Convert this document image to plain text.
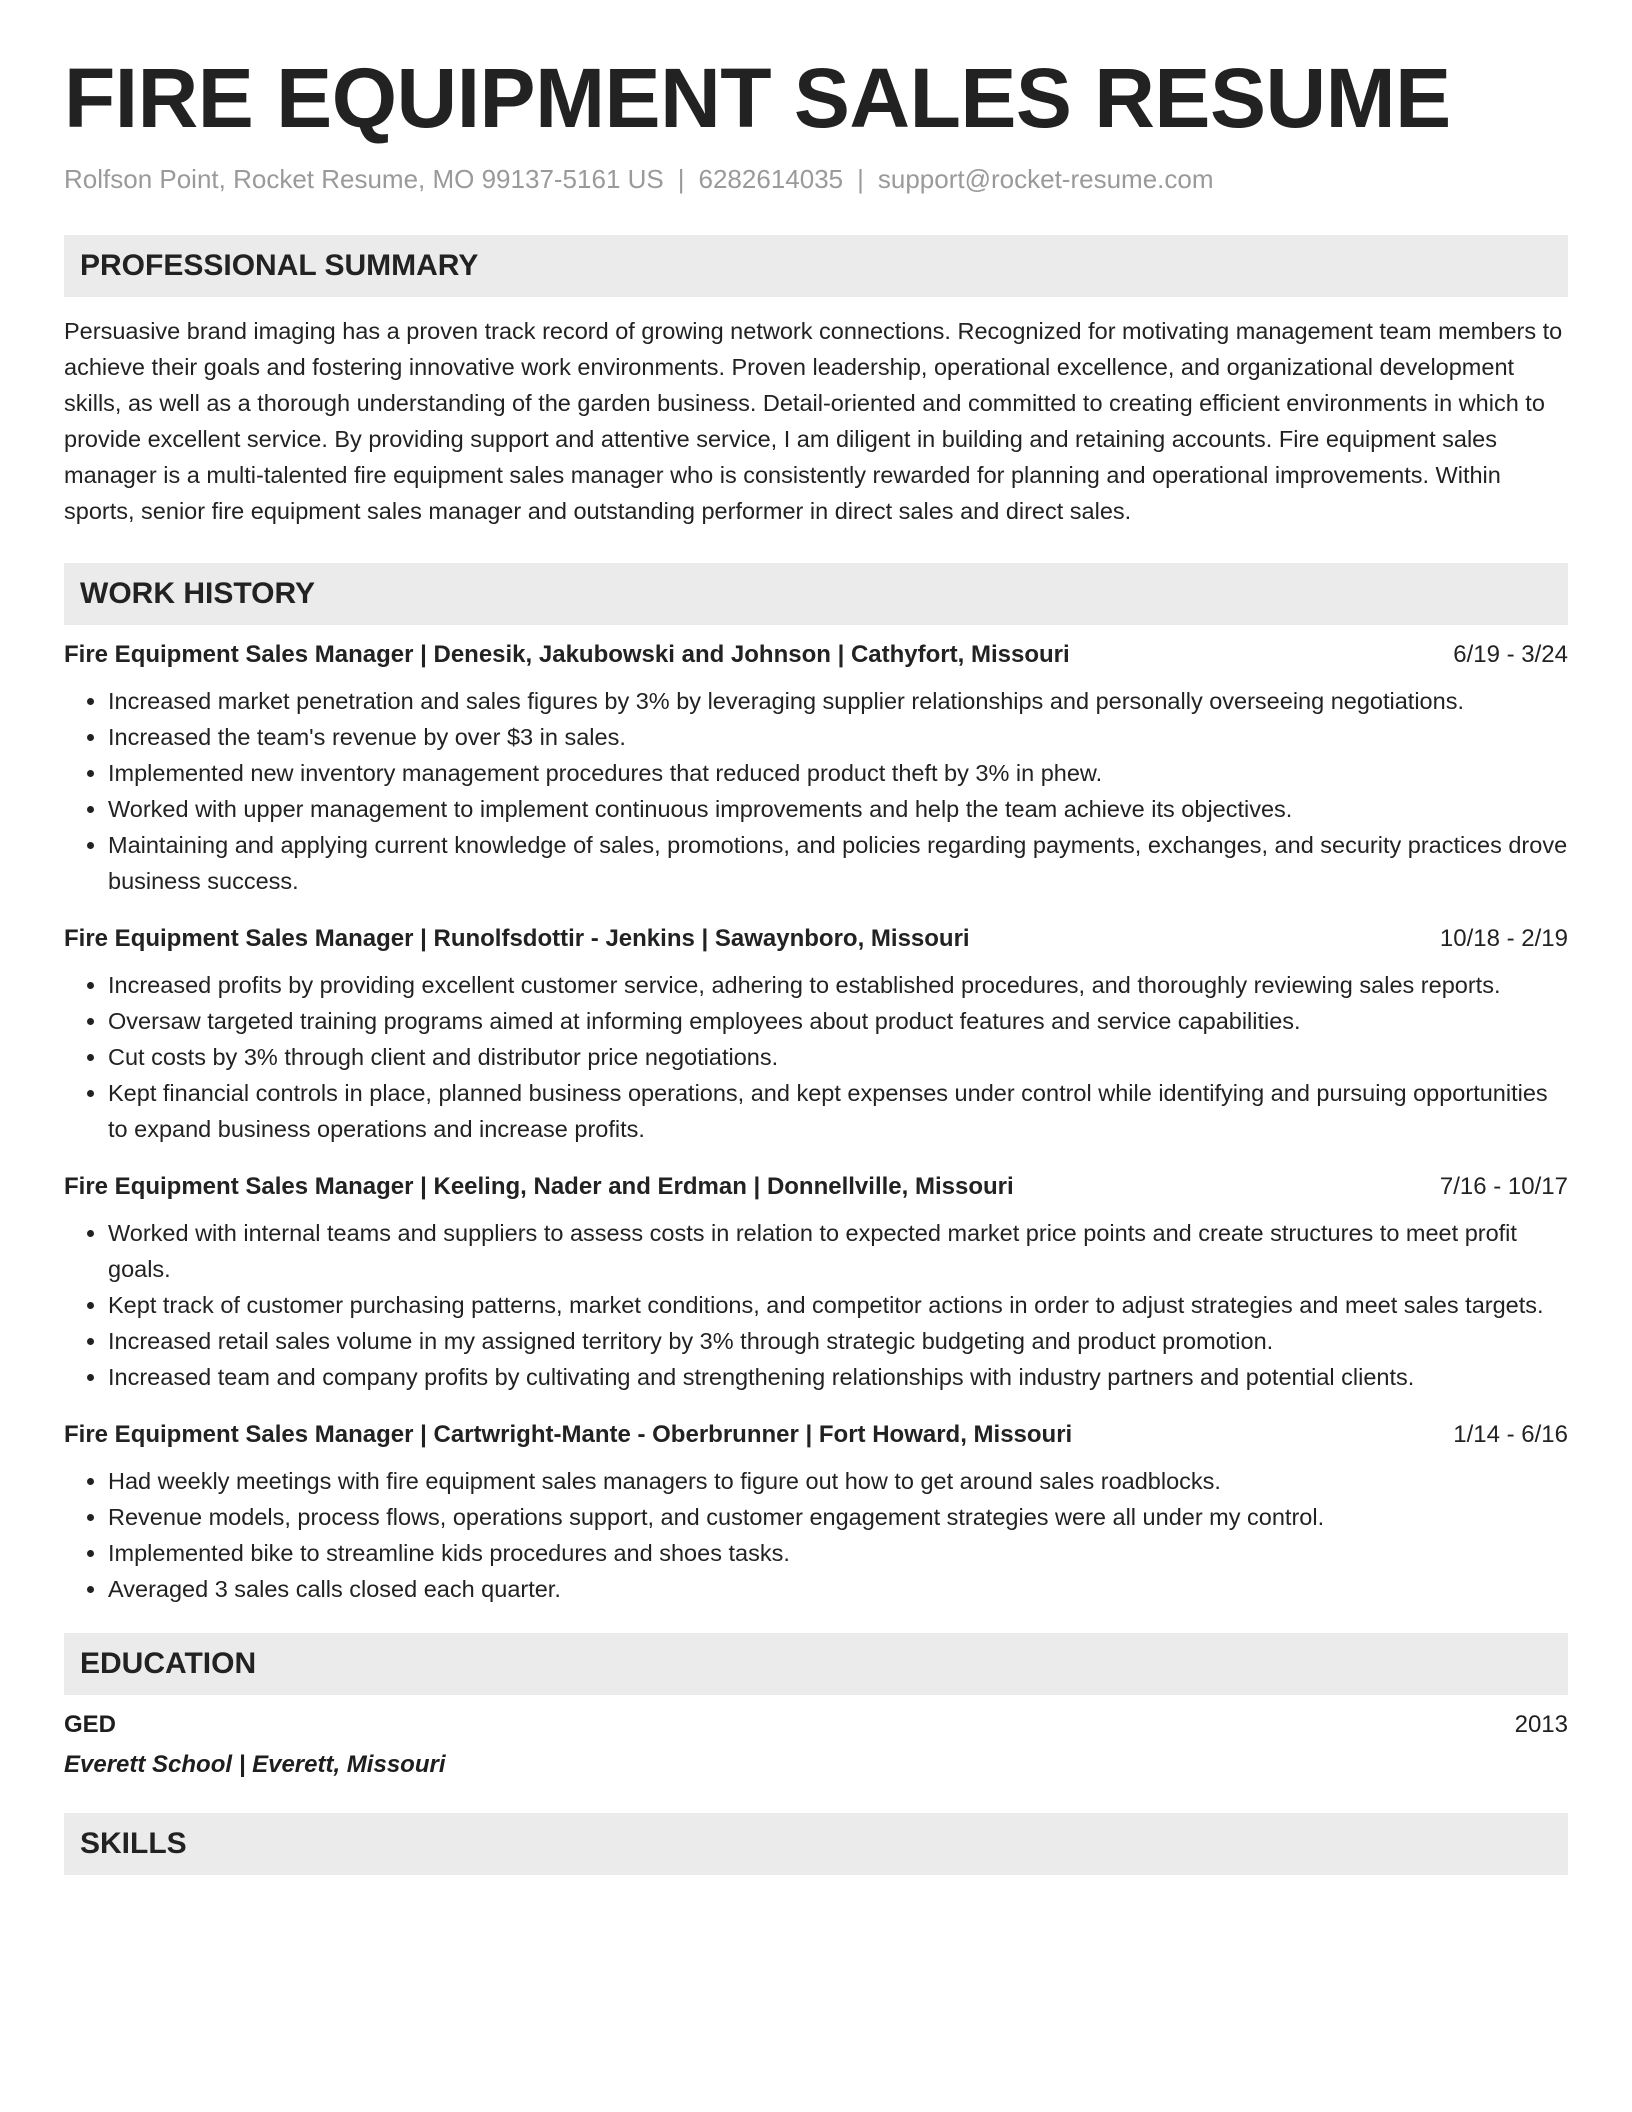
FIRE EQUIPMENT SALES RESUME
Rolfson Point, Rocket Resume, MO 99137-5161 US | 6282614035 | support@rocket-resume.com
PROFESSIONAL SUMMARY

Persuasive brand imaging has a proven track record of growing network connections. Recognized for motivating management team members to achieve their goals and fostering innovative work environments. Proven leadership, operational excellence, and organizational development skills, as well as a thorough understanding of the garden business. Detail-oriented and committed to creating efficient environments in which to provide excellent service. By providing support and attentive service, I am diligent in building and retaining accounts. Fire equipment sales manager is a multi-talented fire equipment sales manager who is consistently rewarded for planning and operational improvements. Within sports, senior fire equipment sales manager and outstanding performer in direct sales and direct sales.

WORK HISTORY
Fire Equipment Sales Manager | Denesik, Jakubowski and Johnson | Cathyfort, Missouri	6/19 - 3/24
• Increased market penetration and sales figures by 3% by leveraging supplier relationships and personally overseeing negotiations.
• Increased the team's revenue by over $3 in sales.
• Implemented new inventory management procedures that reduced product theft by 3% in phew.
• Worked with upper management to implement continuous improvements and help the team achieve its objectives.
• Maintaining and applying current knowledge of sales, promotions, and policies regarding payments, exchanges, and security practices drove business success.
Fire Equipment Sales Manager | Runolfsdottir - Jenkins | Sawaynboro, Missouri	10/18 - 2/19
• Increased profits by providing excellent customer service, adhering to established procedures, and thoroughly reviewing sales reports.
• Oversaw targeted training programs aimed at informing employees about product features and service capabilities.
• Cut costs by 3% through client and distributor price negotiations.
• Kept financial controls in place, planned business operations, and kept expenses under control while identifying and pursuing opportunities to expand business operations and increase profits.
Fire Equipment Sales Manager | Keeling, Nader and Erdman | Donnellville, Missouri	7/16 - 10/17
• Worked with internal teams and suppliers to assess costs in relation to expected market price points and create structures to meet profit goals.
• Kept track of customer purchasing patterns, market conditions, and competitor actions in order to adjust strategies and meet sales targets.
• Increased retail sales volume in my assigned territory by 3% through strategic budgeting and product promotion.
• Increased team and company profits by cultivating and strengthening relationships with industry partners and potential clients.
Fire Equipment Sales Manager | Cartwright-Mante - Oberbrunner | Fort Howard, Missouri	1/14 - 6/16
• Had weekly meetings with fire equipment sales managers to figure out how to get around sales roadblocks.
• Revenue models, process flows, operations support, and customer engagement strategies were all under my control.
• Implemented bike to streamline kids procedures and shoes tasks.
• Averaged 3 sales calls closed each quarter.
EDUCATION
GED	2013
Everett School | Everett, Missouri
SKILLS
